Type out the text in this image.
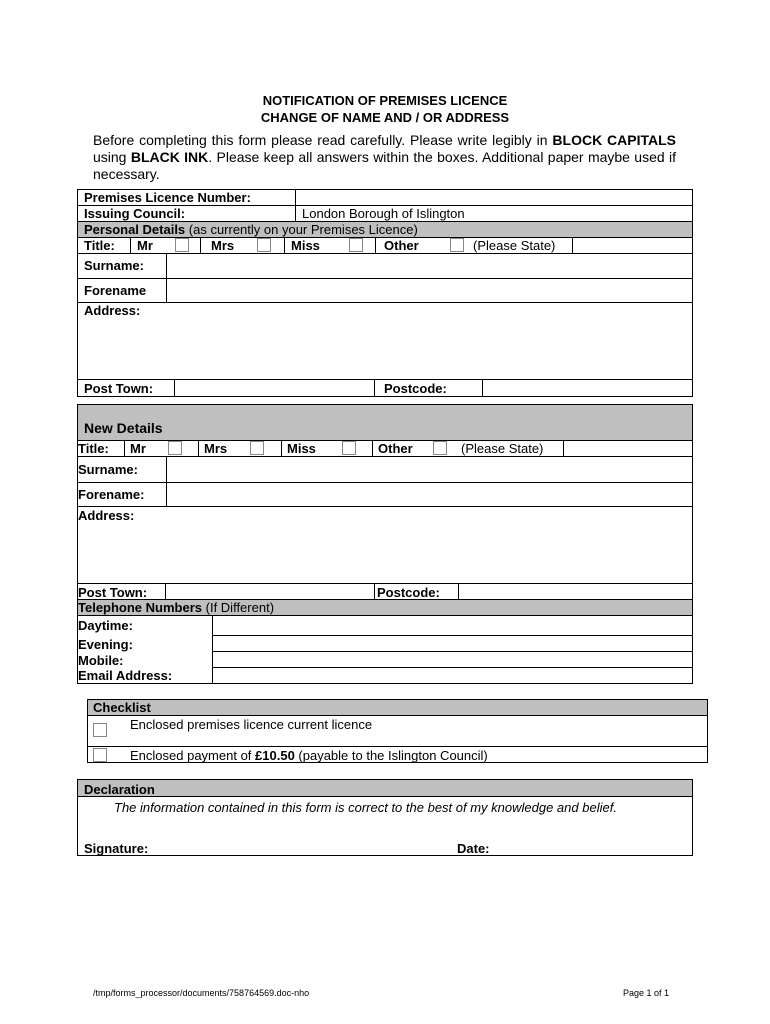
NOTIFICATION OF PREMISES LICENCE
CHANGE OF NAME AND / OR ADDRESS
Before completing this form please read carefully. Please write legibly in BLOCK CAPITALS using BLACK INK. Please keep all answers within the boxes. Additional paper maybe used if necessary.
Premises Licence Number:
Issuing Council:	London Borough of Islington
Personal Details (as currently on your Premises Licence)
Title: Mr	Mrs	Miss	Other	(Please State)
Surname:
Forename
Address:
Post Town:	Postcode:
New Details
Title: Mr	Mrs	Miss	Other	(Please State)
Surname:
Forename:
Address:
Post Town:	Postcode:
Telephone Numbers (If Different)
Daytime:
Evening:
Mobile:
Email Address:
Checklist
Enclosed premises licence current licence
Enclosed payment of £10.50 (payable to the Islington Council)
Declaration
The information contained in this form is correct to the best of my knowledge and belief.
Signature:	Date:
/tmp/forms_processor/documents/758764569.doc-nho	Page 1 of 1
